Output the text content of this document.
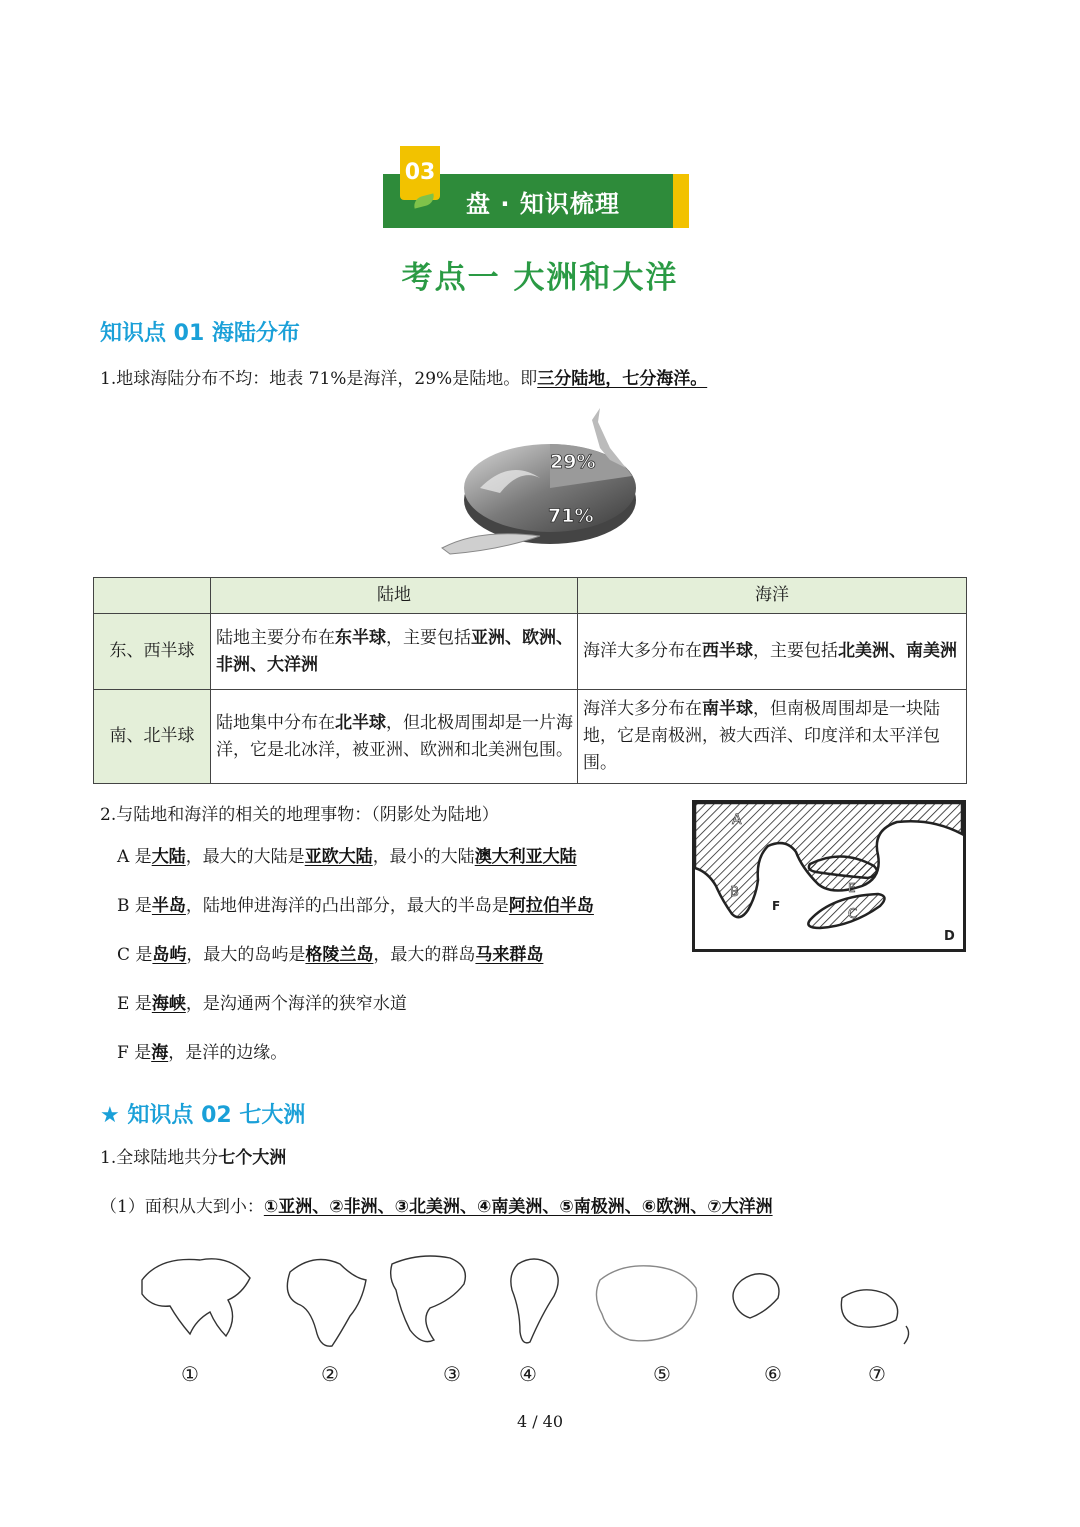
03
盘 · 知识梳理
考点一 大洲和大洋
知识点 01 海陆分布
1.地球海陆分布不均：地表 71%是海洋，29%是陆地。即三分陆地，七分海洋。
29%
71%
	陆地	海洋
东、西半球	陆地主要分布在东半球，主要包括亚洲、欧洲、非洲、大洋洲	海洋大多分布在西半球，主要包括北美洲、南美洲
南、北半球	陆地集中分布在北半球，但北极周围却是一片海洋，它是北冰洋，被亚洲、欧洲和北美洲包围。	海洋大多分布在南半球，但南极周围却是一块陆地，它是南极洲，被大西洋、印度洋和太平洋包围。
2.与陆地和海洋的相关的地理事物：（阴影处为陆地）
A 是大陆，最大的大陆是亚欧大陆，最小的大陆澳大利亚大陆
B 是半岛，陆地伸进海洋的凸出部分，最大的半岛是阿拉伯半岛
C 是岛屿，最大的岛屿是格陵兰岛，最大的群岛马来群岛
E 是海峡，是沟通两个海洋的狭窄水道
F 是海，是洋的边缘。
A
B
F
E
C
D
★ 知识点 02 七大洲
1.全球陆地共分七个大洲
（1）面积从大到小：①亚洲、②非洲、③北美洲、④南美洲、⑤南极洲、⑥欧洲、⑦大洋洲
①	②	③	④	⑤	⑥	⑦
4 / 40
